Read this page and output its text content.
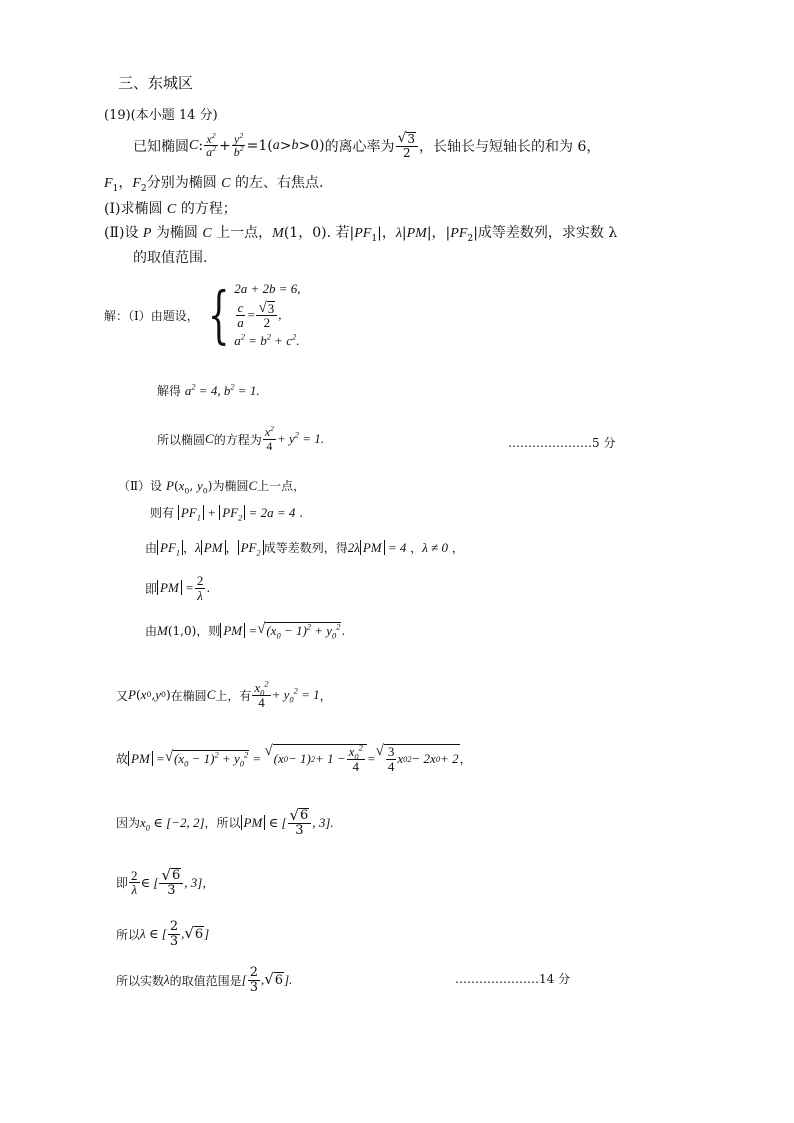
三、东城区
(19)(本小题 14 分)
已知椭圆 C : $\frac{x^2}{a^2} + \frac{y^2}{b^2} =1$( a > b >0) 的离心率为 $\frac{√ 3}{2}$ ，长轴长与短轴长的和为 6，
$F_1$，$F_2$分别为椭圆 C 的左、右焦点.
(Ⅰ)求椭圆 C 的方程；
(Ⅱ)设 P 为椭圆 C 上一点，M(1，0). 若$|PF_1|$，λ|PM|，$|PF_2|$成等差数列，求实数 λ
的取值范围.
解：（Ⅰ）由题设， { 2a + 2b = 6,
$\frac{c}{a} = \frac{√ 3}{2}$ ,
$a^2 = b^2 + c^2$.
解得 $a^2 = 4$, $b^2 = 1$.
所以椭圆 C 的方程为 $\frac{x^2}{4} + y^2 = 1$.	…………………5 分
（Ⅱ）设 $P(x_0$, $y_0$)为椭圆C上一点，
则有 $PF_1 + PF_2 = 2a = 4$ .
由 $PF_1$ ，λ PM ， $PF_2$ 成等差数列，得2λ PM = 4 ，λ ≠ 0 ，
即 PM = $\frac{2}{\lambda}$ .
由 M (1,0) ，则 PM = √ $(x_0 - 1)^2 + y_0^2$ .
又 P ( x 0 , y 0 ) 在椭圆 C 上，有 $\frac{x_0^2}{4} + y_0^2 = 1$ ，
故 PM = √ $(x_0 - 1)^2 + y_0^2$ = √ (x 0 − 1) $2 + 1 - \frac{x_0^2}{4}$ = √ $\frac{3}{4}$ x 0 2 − 2x 0 + 2 ，
因为 $x_0$ ∈ [−2, 2] ，所以 PM ∈ [ $\frac{√ 6}{3}$ , 3].
即 $\frac{2}{\lambda}$ ∈ [ $\frac{√ 6}{3}$ , 3] ，
所以 λ ∈ [ $\frac{2}{3}$ , √ 6 ]
所以实数 λ 的取值范围是 [ $\frac{2}{3}$ , √ 6 ].	…………………14 分
